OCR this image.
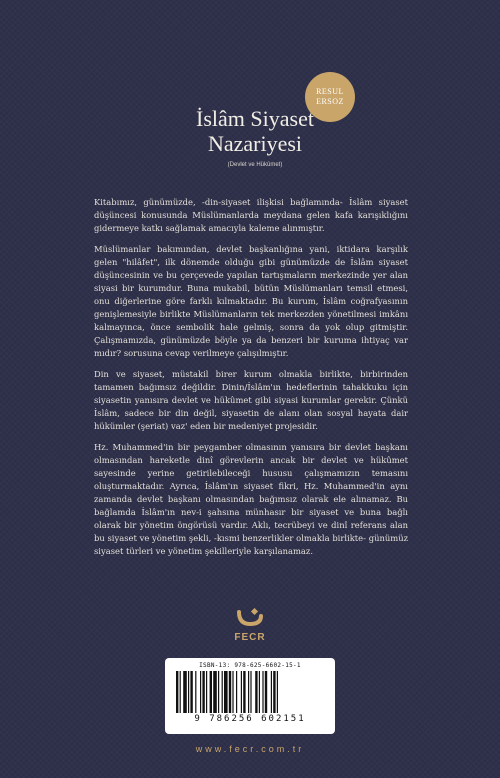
RESUL
ERSOZ
İslâm Siyaset
Nazariyesi
(Devlet ve Hükûmet)

Kitabımız, günümüzde, -din-siyaset ilişkisi bağlamında- İslâm siyaset düşüncesi konusunda Müslümanlarda meydana gelen kafa karışıklığını gidermeye katkı sağlamak amacıyla kaleme alınmıştır.

Müslümanlar bakımından, devlet başkanlığına yani, iktidara karşılık gelen "hilâfet", ilk dönemde olduğu gibi günümüzde de İslâm siyaset düşüncesinin ve bu çerçevede yapılan tartışmaların merkezinde yer alan siyasi bir kurumdur. Buna mukabil, bütün Müslümanları temsil etmesi, onu diğerlerine göre farklı kılmaktadır. Bu kurum, İslâm coğrafyasının genişlemesiyle birlikte Müslümanların tek merkezden yönetilmesi imkânı kalmayınca, önce sembolik hale gelmiş, sonra da yok olup gitmiştir. Çalışmamızda, günümüzde böyle ya da benzeri bir kuruma ihtiyaç var mıdır? sorusuna cevap verilmeye çalışılmıştır.

Din ve siyaset, müstakil birer kurum olmakla birlikte, birbirinden tamamen bağımsız değildir. Dinin/İslâm'ın hedeflerinin tahakkuku için siyasetin yanısıra devlet ve hükûmet gibi siyasi kurumlar gerekir. Çünkü İslâm, sadece bir din değil, siyasetin de alanı olan sosyal hayata dair hükümler (şeriat) vaz' eden bir medeniyet projesidir.

Hz. Muhammed'in bir peygamber olmasının yanısıra bir devlet başkanı olmasından hareketle dinî görevlerin ancak bir devlet ve hükûmet sayesinde yerine getirilebileceği hususu çalışmamızın temasını oluşturmaktadır. Ayrıca, İslâm'ın siyaset fikri, Hz. Muhammed'in aynı zamanda devlet başkanı olmasından bağımsız olarak ele alınamaz. Bu bağlamda İslâm'ın nev-i şahsına münhasır bir siyaset ve buna bağlı olarak bir yönetim öngörüsü vardır. Aklı, tecrübeyi ve dinî referans alan bu siyaset ve yönetim şekli, -kısmi benzerlikler olmakla birlikte- günümüz siyaset türleri ve yönetim şekilleriyle karşılanamaz.

FECR
ISBN-13: 978-625-6602-15-1
9 786256 602151
www.fecr.com.tr
